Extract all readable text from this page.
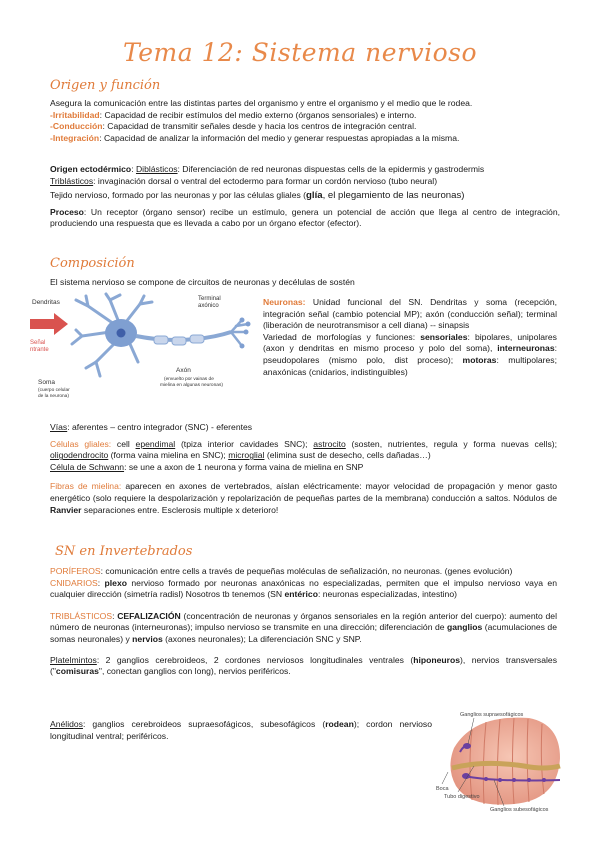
Tema 12: Sistema nervioso
Origen y función
Asegura la comunicación entre las distintas partes del organismo y entre el organismo y el medio que le rodea.
-Irritabilidad: Capacidad de recibir estímulos del medio externo (órganos sensoriales) e interno.
-Conducción: Capacidad de transmitir señales desde y hacia los centros de integración central.
-Integración: Capacidad de analizar la información del medio y generar respuestas apropiadas a la misma.
Origen ectodérmico: Diblásticos: Diferenciación de red neuronas dispuestas cells de la epidermis y gastrodermis
Triblásticos: invaginación dorsal o ventral del ectodermo para formar un cordón nervioso (tubo neural)
Tejido nervioso, formado por las neuronas y por las células gliales (glía, el plegamiento de las neuronas)
Proceso: Un receptor (órgano sensor) recibe un estímulo, genera un potencial de acción que llega al centro de integración, produciendo una respuesta que es llevada a cabo por un órgano efector (efector).
Composición
El sistema nervioso se compone de circuitos de neuronas y decélulas de sostén
Dendritas	Terminal
axónico
Señal
ntrante
Axón
(envuelto por vainas de
mielina en algunas neuronas)
Soma
(cuerpo celular
de la neurona)
Neuronas: Unidad funcional del SN. Dendritas y soma (recepción, integración señal (cambio potencial MP); axón (conducción señal); terminal (liberación de neurotransmisor a cell diana) -- sinapsis
Variedad de morfologías y funciones: sensoriales: bipolares, unipolares (axon y dendritas en mismo proceso y polo del soma), interneuronas: pseudopolares (mismo polo, dist proceso); motoras: multipolares; anaxónicas (cnidarios, indistinguibles)
Vías: aferentes – centro integrador (SNC) - eferentes
Células gliales: cell ependimal (tpiza interior cavidades SNC); astrocito (sosten, nutrientes, regula y forma nuevas cells); oligodendrocito (forma vaina mielina en SNC); microglial (elimina sust de desecho, cells dañadas…)
Célula de Schwann: se une a axon de 1 neurona y forma vaina de mielina en SNP
Fibras de mielina: aparecen en axones de vertebrados, aíslan eléctricamente: mayor velocidad de propagación y menor gasto energético (solo requiere la despolarización y repolarización de pequeñas partes de la membrana) conducción a saltos. Nódulos de Ranvier separaciones entre. Esclerosis multiple x deterioro!
SN en Invertebrados
PORÍFEROS: comunicación entre cells a través de pequeñas moléculas de señalización, no neuronas. (genes evolución)
CNIDARIOS: plexo nervioso formado por neuronas anaxónicas no especializadas, permiten que el impulso nervioso vaya en cualquier dirección (simetría radisl) Nosotros tb tenemos (SN entérico: neuronas especializadas, intestino)
TRIBLÁSTICOS: CEFALIZACIÓN (concentración de neuronas y órganos sensoriales en la región anterior del cuerpo): aumento del número de neuronas (interneuronas); impulso nervioso se transmite en una dirección; diferenciación de ganglios (acumulaciones de somas neuronales) y nervios (axones neuronales); La diferenciación SNC y SNP.
Platelmintos: 2 ganglios cerebroideos, 2 cordones nerviosos longitudinales ventrales (hiponeuros), nervios transversales ("comisuras", conectan ganglios con long), nervios periféricos.
Anélidos: ganglios cerebroideos supraesofágicos, subesofágicos (rodean); cordon nervioso longitudinal ventral; periféricos.
Ganglios supraesofágicos
Boca
Tubo digestivo
Ganglios subesofágicos
